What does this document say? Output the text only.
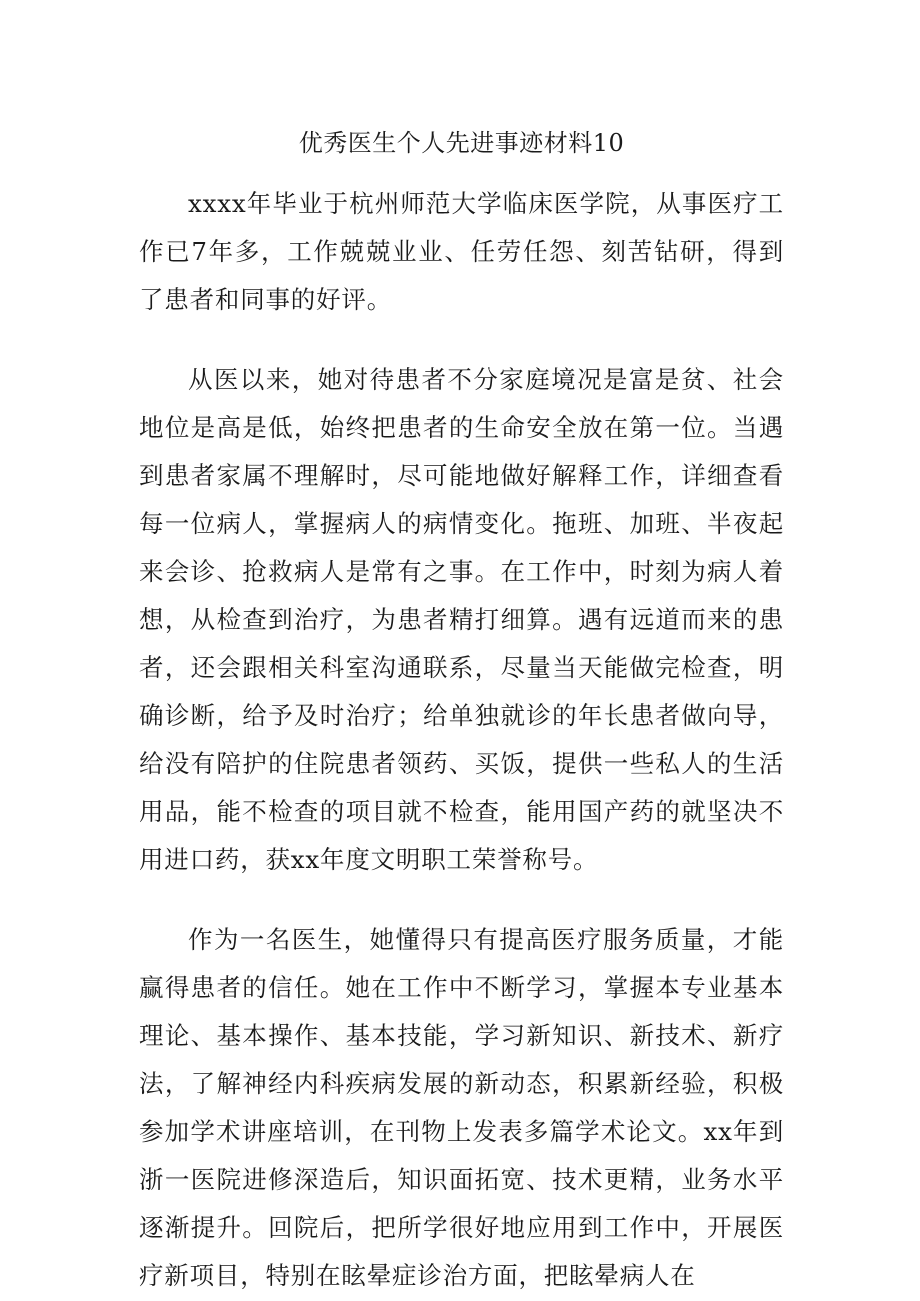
优秀医生个人先进事迹材料10

xxxx年毕业于杭州师范大学临床医学院，从事医疗工作已7年多，工作兢兢业业、任劳任怨、刻苦钻研，得到了患者和同事的好评。

从医以来，她对待患者不分家庭境况是富是贫、社会地位是高是低，始终把患者的生命安全放在第一位。当遇到患者家属不理解时，尽可能地做好解释工作，详细查看每一位病人，掌握病人的病情变化。拖班、加班、半夜起来会诊、抢救病人是常有之事。在工作中，时刻为病人着想，从检查到治疗，为患者精打细算。遇有远道而来的患者，还会跟相关科室沟通联系，尽量当天能做完检查，明确诊断，给予及时治疗；给单独就诊的年长患者做向导，给没有陪护的住院患者领药、买饭，提供一些私人的生活用品，能不检查的项目就不检查，能用国产药的就坚决不用进口药，获xx年度文明职工荣誉称号。

作为一名医生，她懂得只有提高医疗服务质量，才能赢得患者的信任。她在工作中不断学习，掌握本专业基本理论、基本操作、基本技能，学习新知识、新技术、新疗法，了解神经内科疾病发展的新动态，积累新经验，积极参加学术讲座培训，在刊物上发表多篇学术论文。xx年到浙一医院进修深造后，知识面拓宽、技术更精，业务水平逐渐提升。回院后，把所学很好地应用到工作中，开展医疗新项目，特别在眩晕症诊治方面，把眩晕病人在
